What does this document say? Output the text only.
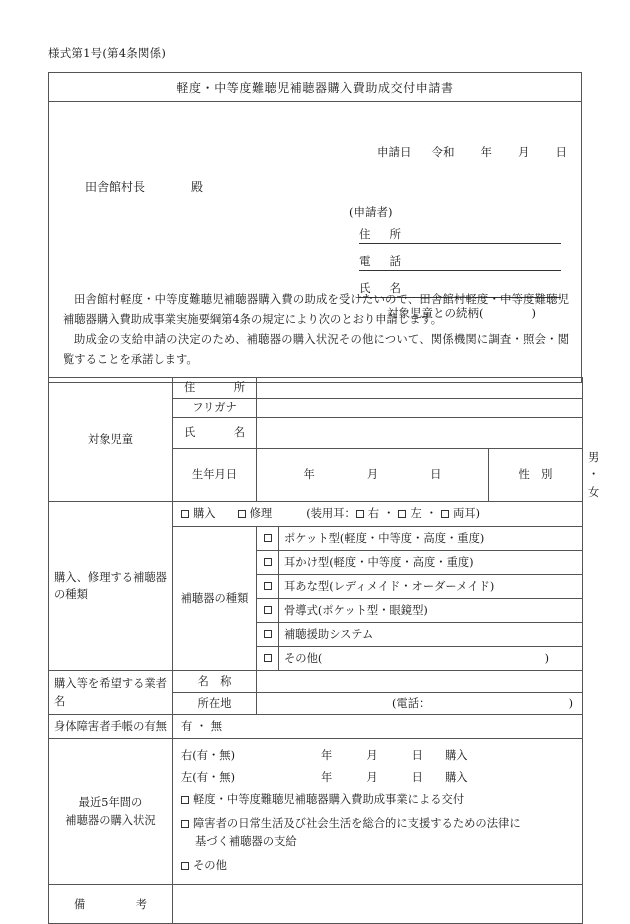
様式第1号(第4条関係)
軽度・中等度難聴児補聴器購入費助成交付申請書
申請日 令和 年 月 日
田舎館村長	殿
(申請者)
住 所
電 話
氏 名
対象児童との続柄(	)
田舎館村軽度・中等度難聴児補聴器購入費の助成を受けたいので、田舎館村軽度・中等度難聴児補聴器購入費助成事業実施要綱第4条の規定により次のとおり申請します。
助成金の支給申請の決定のため、補聴器の購入状況その他について、関係機関に調査・照会・閲覧することを承諾します。
対象児童	住 所				

	フリガナ				

	氏 名				

	生年月日	年 月 日		性　別	男 ・ 女
購入、修理する補聴器の種類	購入 修理 (装用耳： 右 ・ 左 ・ 両耳)				
	補聴器の種類		ポケット型(軽度・中等度・高度・重度)		
			耳かけ型(軽度・中等度・高度・重度)		
			耳あな型(レディメイド・オーダーメイド)		
			骨導式(ポケット型・眼鏡型)		
			補聴援助システム		

			その他( )		

購入等を希望する業者名	名　称				
	所在地	(電話： )			

身体障害者手帳の有無	有 ・ 無				

最近5年間の
補聴器の購入状況

右(有・無)	年	月	日 購入
左(有・無)	年	月	日 購入
軽度・中等度難聴児補聴器購入費助成事業による交付
障害者の日常生活及び社会生活を総合的に支援するための法律に
基づく補聴器の支給
その他

備 考					
